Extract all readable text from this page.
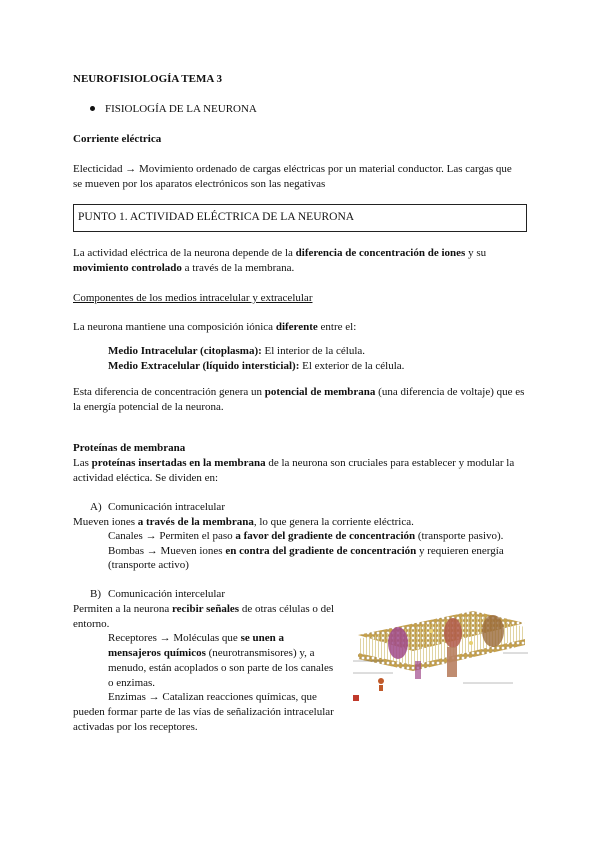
NEUROFISIOLOGÍA TEMA 3
FISIOLOGÍA DE LA NEURONA
Corriente eléctrica
Electicidad → Movimiento ordenado de cargas eléctricas por un material conductor. Las cargas que
se mueven por los aparatos electrónicos son las negativas
PUNTO 1. ACTIVIDAD ELÉCTRICA DE LA NEURONA
La actividad eléctrica de la neurona depende de la diferencia de concentración de iones y su
movimiento controlado a través de la membrana.
Componentes de los medios intracelular y extracelular
La neurona mantiene una composición iónica diferente entre el:
Medio Intracelular (citoplasma): El interior de la célula.
Medio Extracelular (líquido intersticial): El exterior de la célula.
Esta diferencia de concentración genera un potencial de membrana (una diferencia de voltaje) que es
la energía potencial de la neurona.
Proteínas de membrana
Las proteínas insertadas en la membrana de la neurona son cruciales para establecer y modular la
actividad eléctica. Se dividen en:
A) Comunicación intracelular
Mueven iones a través de la membrana, lo que genera la corriente eléctrica.
Canales → Permiten el paso a favor del gradiente de concentración (transporte pasivo).
Bombas → Mueven iones en contra del gradiente de concentración y requieren energía
(transporte activo)
B) Comunicación intercelular
Permiten a la neurona recibir señales de otras células o del
entorno.
Receptores → Moléculas que se unen a
mensajeros químicos (neurotransmisores) y, a
menudo, están acoplados o son parte de los canales
o enzimas.
Enzimas → Catalizan reacciones químicas, que
pueden formar parte de las vías de señalización intracelular
activadas por los receptores.
